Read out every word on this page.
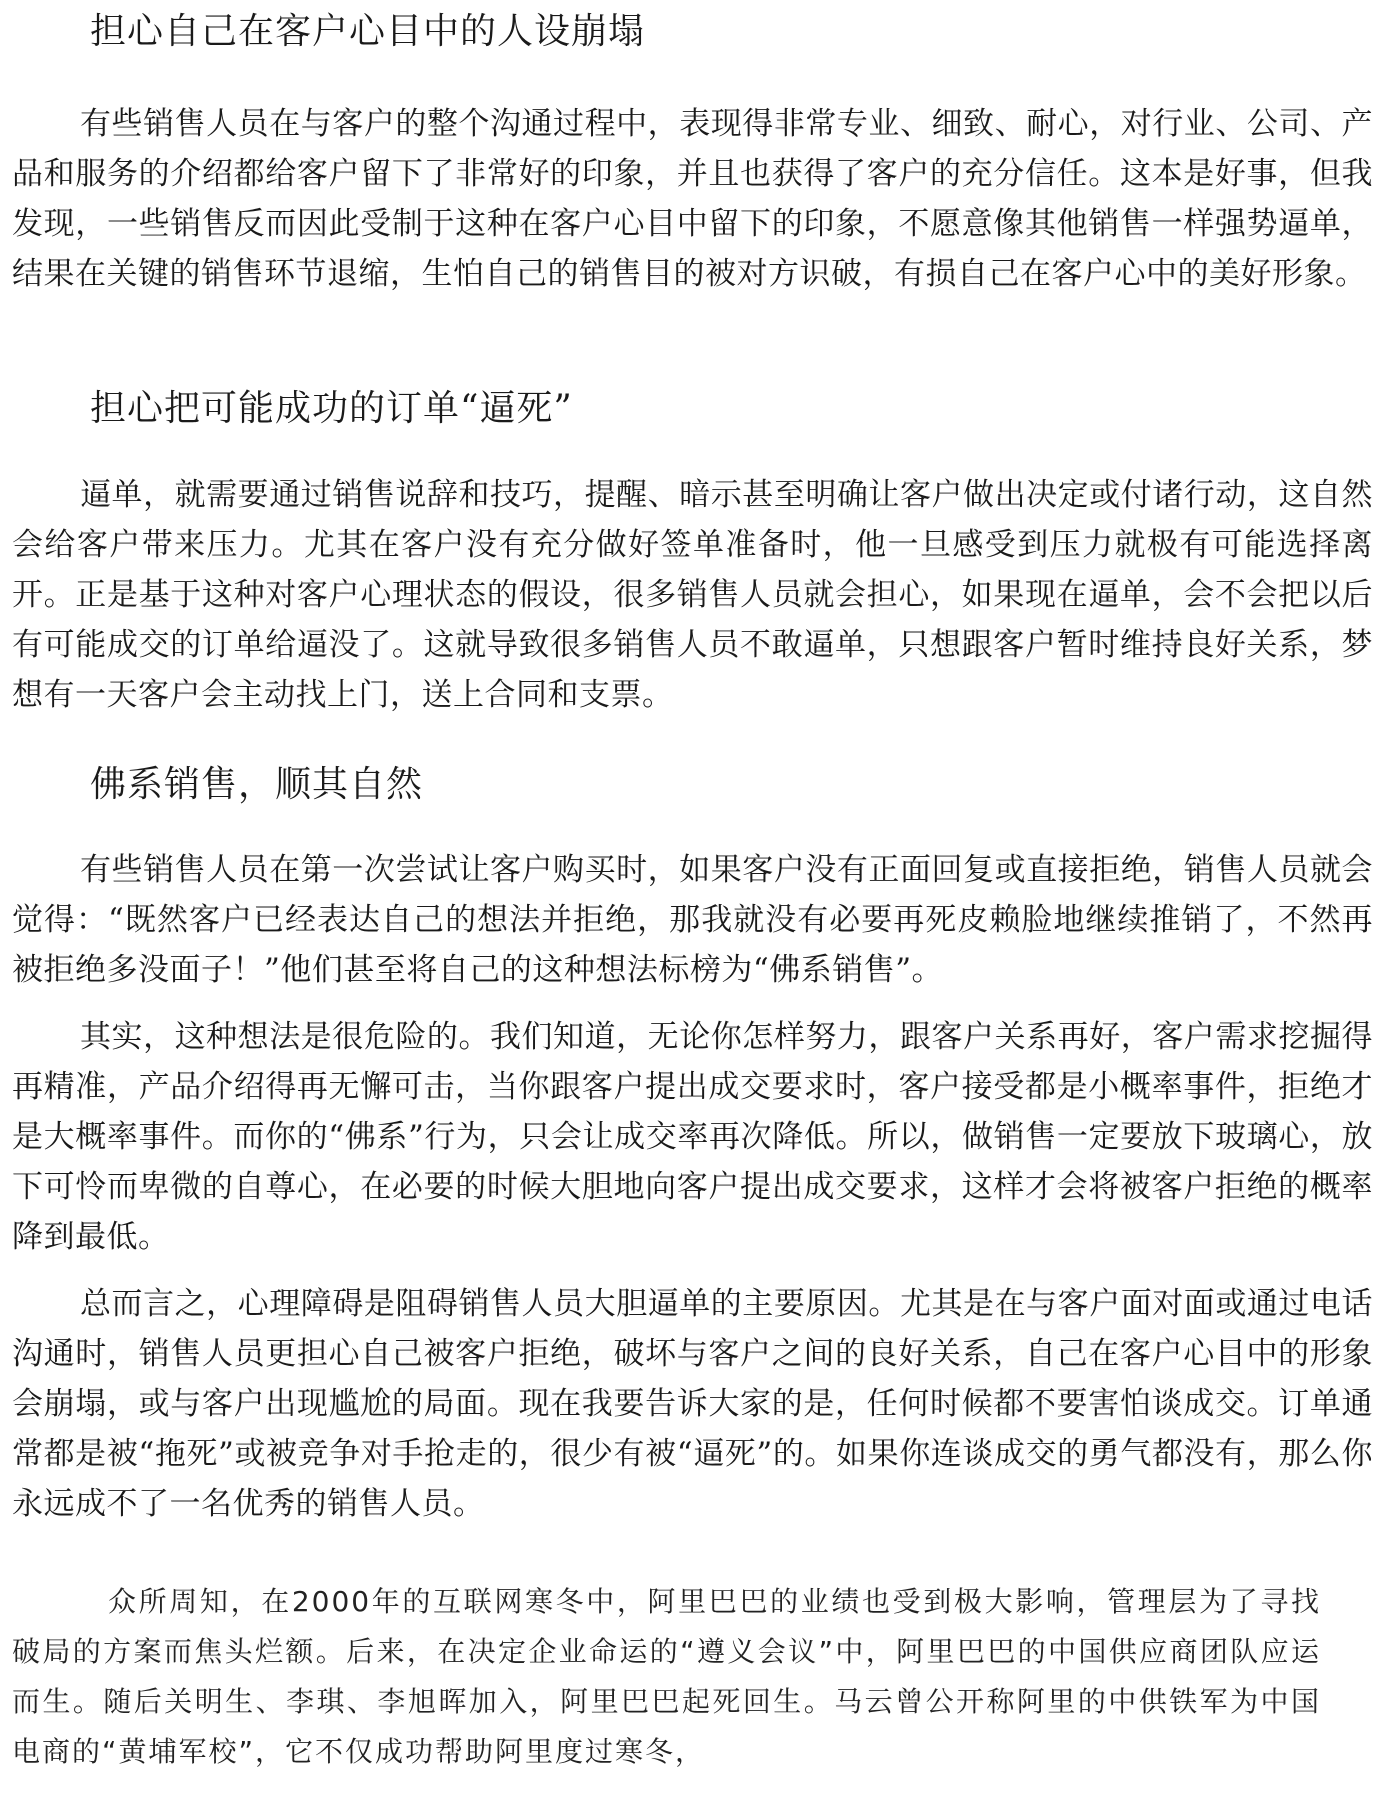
担心自己在客户心目中的人设崩塌

有些销售人员在与客户的整个沟通过程中，表现得非常专业、细致、耐心，对行业、公司、产品和服务的介绍都给客户留下了非常好的印象，并且也获得了客户的充分信任。这本是好事，但我发现，一些销售反而因此受制于这种在客户心目中留下的印象，不愿意像其他销售一样强势逼单，结果在关键的销售环节退缩，生怕自己的销售目的被对方识破，有损自己在客户心中的美好形象。

担心把可能成功的订单“逼死”

逼单，就需要通过销售说辞和技巧，提醒、暗示甚至明确让客户做出决定或付诸行动，这自然会给客户带来压力。尤其在客户没有充分做好签单准备时，他一旦感受到压力就极有可能选择离开。正是基于这种对客户心理状态的假设，很多销售人员就会担心，如果现在逼单，会不会把以后有可能成交的订单给逼没了。这就导致很多销售人员不敢逼单，只想跟客户暂时维持良好关系，梦想有一天客户会主动找上门，送上合同和支票。

佛系销售，顺其自然

有些销售人员在第一次尝试让客户购买时，如果客户没有正面回复或直接拒绝，销售人员就会觉得：“既然客户已经表达自己的想法并拒绝，那我就没有必要再死皮赖脸地继续推销了，不然再被拒绝多没面子！”他们甚至将自己的这种想法标榜为“佛系销售”。

其实，这种想法是很危险的。我们知道，无论你怎样努力，跟客户关系再好，客户需求挖掘得再精准，产品介绍得再无懈可击，当你跟客户提出成交要求时，客户接受都是小概率事件，拒绝才是大概率事件。而你的“佛系”行为，只会让成交率再次降低。所以，做销售一定要放下玻璃心，放下可怜而卑微的自尊心，在必要的时候大胆地向客户提出成交要求，这样才会将被客户拒绝的概率降到最低。

总而言之，心理障碍是阻碍销售人员大胆逼单的主要原因。尤其是在与客户面对面或通过电话沟通时，销售人员更担心自己被客户拒绝，破坏与客户之间的良好关系，自己在客户心目中的形象会崩塌，或与客户出现尴尬的局面。现在我要告诉大家的是，任何时候都不要害怕谈成交。订单通常都是被“拖死”或被竞争对手抢走的，很少有被“逼死”的。如果你连谈成交的勇气都没有，那么你永远成不了一名优秀的销售人员。

众所周知，在2000年的互联网寒冬中，阿里巴巴的业绩也受到极大影响，管理层为了寻找破局的方案而焦头烂额。后来，在决定企业命运的“遵义会议”中，阿里巴巴的中国供应商团队应运而生。随后关明生、李琪、李旭晖加入，阿里巴巴起死回生。马云曾公开称阿里的中供铁军为中国电商的“黄埔军校”，它不仅成功帮助阿里度过寒冬，
